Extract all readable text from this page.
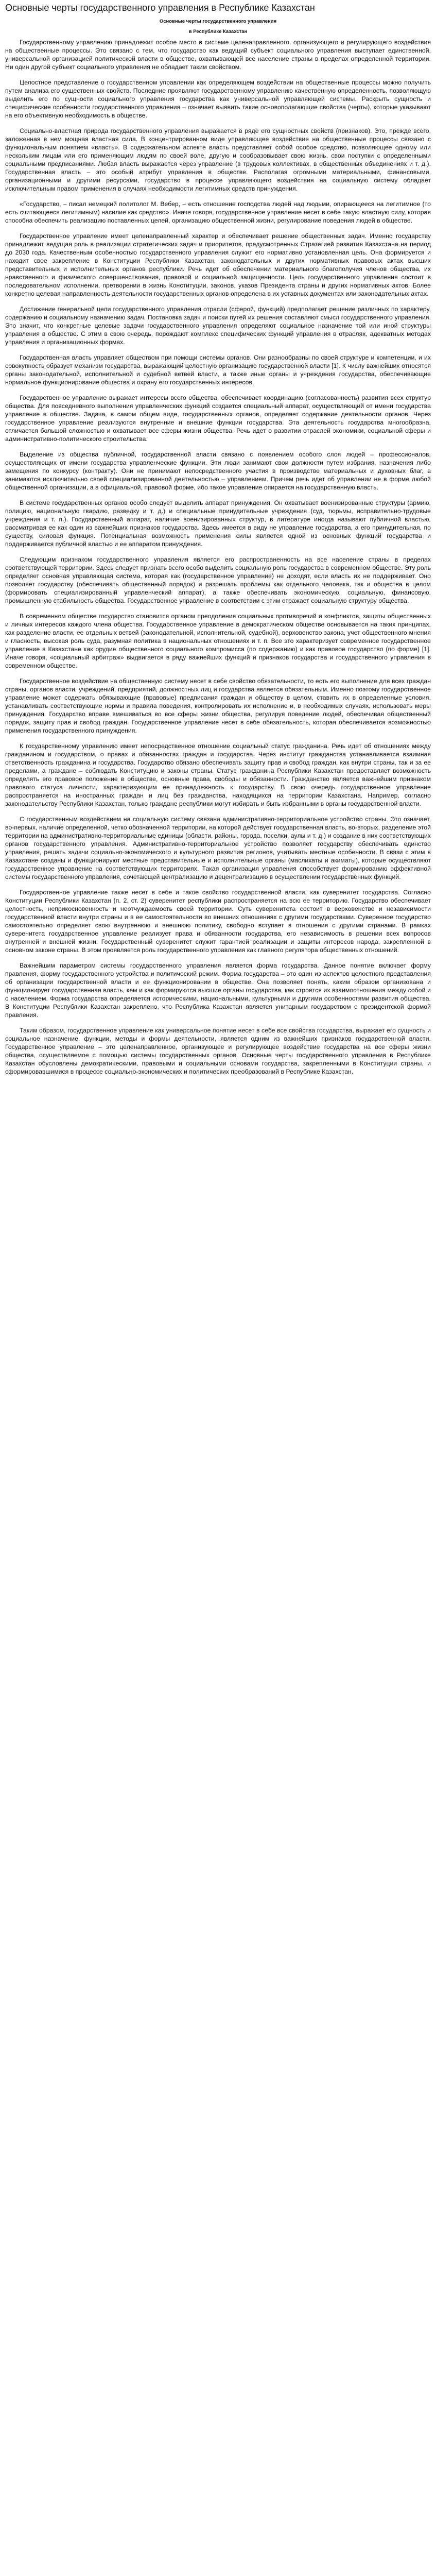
Основные черты государственного управления в Республике Казахстан
Основные черты государственного управления
в Республике Казахстан

Государственному управлению принадлежит особое место в системе целенаправленного, организующего и регулирующего воздействия на общественные процессы. Это связано с тем, что государство как ведущий субъект социального управления выступает единственной, универсальной организацией политической власти в обществе, охватывающей все население страны в пределах определенной территории. Ни один другой субъект социального управления не обладает таким свойством.

Целостное представление о государственном управлении как определяющем воздействии на общественные процессы можно получить путем анализа его существенных свойств. Последние проявляют государственному управлению качественную определенность, позволяющую выделить его по сущности социального управления государства как универсальной управляющей системы. Раскрыть сущность и специфические особенности государственного управления – означает выявить такие основополагающие свойства (черты), которые указывают на его объективную необходимость в обществе.

Социально-властная природа государственного управления выражается в ряде его сущностных свойств (признаков). Это, прежде всего, заложенная в нем мощная властная сила. В концентрированном виде управляющее воздействие на общественные процессы связано с функциональным понятием «власть». В содержательном аспекте власть представляет собой особое средство, позволяющее одному или нескольким лицам или его применяющим людям по своей воле, другую и сообразовывает свою жизнь, свои поступки с определенными социальными предписаниями. Любая власть выражается через управление (в трудовых коллективах, в общественных объединениях и т. д.). Государственная власть – это особый атрибут управления в обществе. Располагая огромными материальными, финансовыми, организационными и другими ресурсами, государство в процессе управляющего воздействия на социальную систему обладает исключительным правом применения в случаях необходимости легитимных средств принуждения.

«Государство, – писал немецкий политолог М. Вебер, – есть отношение господства людей над людьми, опирающееся на легитимное (то есть считающееся легитимным) насилие как средство». Иначе говоря, государственное управление несет в себе такую властную силу, которая способна обеспечить реализацию поставленных целей, организацию общественной жизни, регулирование поведения людей в обществе.

Государственное управление имеет целенаправленный характер и обеспечивает решение общественных задач. Именно государству принадлежит ведущая роль в реализации стратегических задач и приоритетов, предусмотренных Стратегией развития Казахстана на период до 2030 года. Качественным особенностью государственного управления служит его нормативно установленная цель. Она формируется и находит свое закрепление в Конституции Республики Казахстан, законодательных и других нормативных правовых актах высших представительных и исполнительных органов республики. Речь идет об обеспечении материального благополучия членов общества, их нравственного и физического совершенствования, правовой и социальной защищенности. Цель государственного управления состоит в последовательном исполнении, претворении в жизнь Конституции, законов, указов Президента страны и других нормативных актов. Более конкретно целевая направленность деятельности государственных органов определена в их уставных документах или законодательных актах.

Достижение генеральной цели государственного управления отрасли (сферой, функций) предполагает решение различных по характеру, содержанию и социальному назначению задач. Постановка задач и поиски путей их решения составляют смысл государственного управления. Это значит, что конкретные целевые задачи государственного управления определяют социальное назначение той или иной структуры управления в обществе. С этим в свою очередь, порождают комплекс специфических функций управления в отраслях, адекватных методах управления и организационных формах.

Государственная власть управляет обществом при помощи системы органов. Они разнообразны по своей структуре и компетенции, и их совокупность образует механизм государства, выражающий целостную организацию государственной власти [1]. К числу важнейших относятся органы законодательной, исполнительной и судебной ветвей власти, а также иные органы и учреждения государства, обеспечивающие нормальное функционирование общества и охрану его государственных интересов.

Государственное управление выражает интересы всего общества, обеспечивает координацию (согласованность) развития всех структур общества. Для повседневного выполнения управленческих функций создается специальный аппарат, осуществляющий от имени государства управление в обществе. Задача, в самом общем виде, государственных органов, определяет содержание деятельности органов. Через государственное управление реализуются внутренние и внешние функции государства. Эта деятельность государства многообразна, отличается большой сложностью и охватывает все сферы жизни общества. Речь идет о развитии отраслей экономики, социальной сферы и административно-политического строительства.

Выделение из общества публичной, государственной власти связано с появлением особого слоя людей – профессионалов, осуществляющих от имени государства управленческие функции. Эти люди занимают свои должности путем избрания, назначения либо замещения по конкурсу (контракту). Они не принимают непосредственного участия в производстве материальных и духовных благ, а занимаются исключительно своей специализированной деятельностью – управлением. Причем речь идет об управлении не в форме любой общественной организации, а в официальной, правовой форме, ибо такое управление опирается на государственную власть.

В системе государственных органов особо следует выделить аппарат принуждения. Он охватывает военизированные структуры (армию, полицию, национальную гвардию, разведку и т. д.) и специальные принудительные учреждения (суд, тюрьмы, исправительно-трудовые учреждения и т. п.). Государственный аппарат, наличие военизированных структур, в литературе иногда называют публичной властью, рассматривая ее как один из важнейших признаков государства. Здесь имеется в виду не управление государства, а его принудительная, по существу, силовая функция. Потенциальная возможность применения силы является одной из основных функций государства и поддерживается публичной властью и ее аппаратом принуждения.

Следующим признаком государственного управления является его распространенность на все население страны в пределах соответствующей территории. Здесь следует признать всего особо выделить социальную роль государства в современном обществе. Эту роль определяет основная управляющая система, которая как (государственное управление) не доходят, если власть их не поддерживает. Оно позволяет государству (обеспечивать общественный порядок) и разрешать проблемы как отдельного человека, так и общества в целом (формировать специализированный управленческий аппарат), а также обеспечивать экономическую, социальную, финансовую, промышленную стабильность общества. Государственное управление в соответствии с этим отражает социальную структуру общества.

В современном обществе государство становится органом преодоления социальных противоречий и конфликтов, защиты общественных и личных интересов каждого члена общества. Государственное управление в демократическом обществе основывается на таких принципах, как разделение власти, ее отдельных ветвей (законодательной, исполнительной, судебной), верховенство закона, учет общественного мнения и гласность, высокая роль суда, разумная политика в национальных отношениях и т. п. Все это характеризует современное государственное управление в Казахстане как орудие общественного социального компромисса (по содержанию) и как правовое государство (по форме) [1]. Иначе говоря, «социальный арбитраж» выдвигается в ряду важнейших функций и признаков государства и государственного управления в современном обществе.

Государственное воздействие на общественную систему несет в себе свойство обязательности, то есть его выполнение для всех граждан страны, органов власти, учреждений, предприятий, должностных лиц и государства является обязательным. Именно поэтому государственное управление может содержать обязывающие (правовые) предписания граждан и обществу в целом, ставить их в определенные условия, устанавливать соответствующие нормы и правила поведения, контролировать их исполнение и, в необходимых случаях, использовать меры принуждения. Государство вправе вмешиваться во все сферы жизни общества, регулируя поведение людей, обеспечивая общественный порядок, защиту прав и свобод граждан. Государственное управление несет в себе обязательность, которая обеспечивается возможностью применения государственного принуждения.

К государственному управлению имеет непосредственное отношение социальный статус гражданина. Речь идет об отношениях между гражданином и государством, о правах и обязанностях граждан и государства. Через институт гражданства устанавливается взаимная ответственность гражданина и государства. Государство обязано обеспечивать защиту прав и свобод граждан, как внутри страны, так и за ее пределами, а граждане – соблюдать Конституцию и законы страны. Статус гражданина Республики Казахстан предоставляет возможность определять его правовое положение в обществе, основные права, свободы и обязанности. Гражданство является важнейшим признаком правового статуса личности, характеризующим ее принадлежность к государству. В свою очередь государственное управление распространяется на иностранных граждан и лиц без гражданства, находящихся на территории Казахстана. Например, согласно законодательству Республики Казахстан, только граждане республики могут избирать и быть избранными в органы государственной власти.

С государственным воздействием на социальную систему связана административно-территориальное устройство страны. Это означает, во-первых, наличие определенной, четко обозначенной территории, на которой действует государственная власть, во-вторых, разделение этой территории на административно-территориальные единицы (области, районы, города, поселки, аулы и т. д.) и создание в них соответствующих органов государственного управления. Административно-территориальное устройство позволяет государству обеспечивать единство управления, решать задачи социально-экономического и культурного развития регионов, учитывать местные особенности. В связи с этим в Казахстане созданы и функционируют местные представительные и исполнительные органы (маслихаты и акиматы), которые осуществляют государственное управление на соответствующих территориях. Такая организация управления способствует формированию эффективной системы государственного управления, сочетающей централизацию и децентрализацию в осуществлении государственных функций.

Государственное управление также несет в себе и такое свойство государственной власти, как суверенитет государства. Согласно Конституции Республики Казахстан (п. 2, ст. 2) суверенитет республики распространяется на всю ее территорию. Государство обеспечивает целостность, неприкосновенность и неотчуждаемость своей территории. Суть суверенитета состоит в верховенстве и независимости государственной власти внутри страны и в ее самостоятельности во внешних отношениях с другими государствами. Суверенное государство самостоятельно определяет свою внутреннюю и внешнюю политику, свободно вступает в отношения с другими странами. В рамках суверенитета государственное управление реализует права и обязанности государства, его независимость в решении всех вопросов внутренней и внешней жизни. Государственный суверенитет служит гарантией реализации и защиты интересов народа, закрепленной в основном законе страны. В этом проявляется роль государственного управления как главного регулятора общественных отношений.

Важнейшим параметром системы государственного управления является форма государства. Данное понятие включает форму правления, форму государственного устройства и политический режим. Форма государства – это один из аспектов целостного представления об организации государственной власти и ее функционировании в обществе. Она позволяет понять, каким образом организована и функционирует государственная власть, кем и как формируются высшие органы государства, как строятся их взаимоотношения между собой и с населением. Форма государства определяется историческими, национальными, культурными и другими особенностями развития общества. В Конституции Республики Казахстан закреплено, что Республика Казахстан является унитарным государством с президентской формой правления.

Таким образом, государственное управление как универсальное понятие несет в себе все свойства государства, выражает его сущность и социальное назначение, функции, методы и формы деятельности, является одним из важнейших признаков государственной власти. Государственное управление – это целенаправленное, организующее и регулирующее воздействие государства на все сферы жизни общества, осуществляемое с помощью системы государственных органов. Основные черты государственного управления в Республике Казахстан обусловлены демократическими, правовыми и социальными основами государства, закрепленными в Конституции страны, и сформировавшимися в процессе социально-экономических и политических преобразований в Республике Казахстан.
